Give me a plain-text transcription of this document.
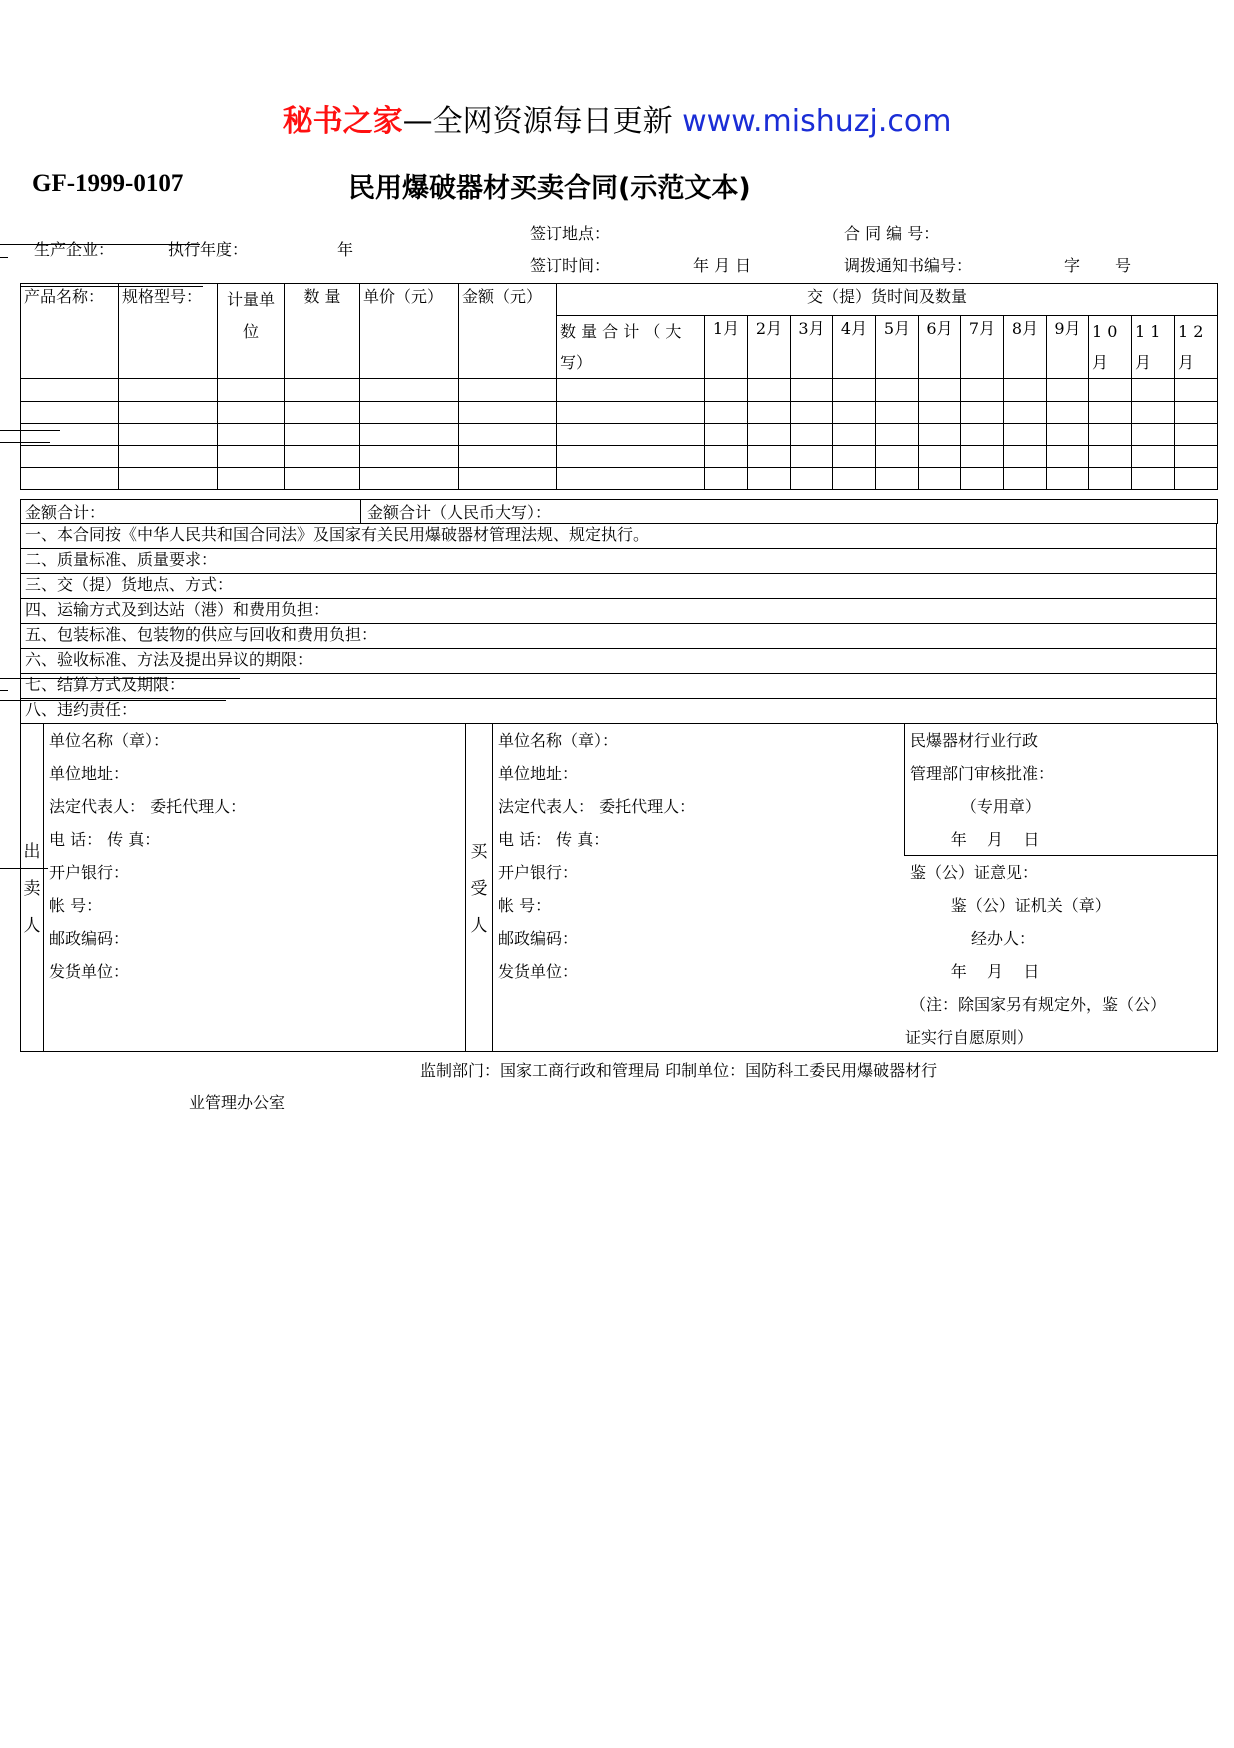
秘书之家—全网资源每日更新 www.mishuzj.com
GF-1999-0107	民用爆破器材买卖合同(示范文本)
签订地点：	合 同 编 号：
生产企业：	执行年度：	年
签订时间：	年 月 日	调拨通知书编号：	字 号
产品名称：	规格型号：	计量单位	数 量	单价（元）	金额（元）	交（提）货时间及数量												
						数 量 合 计 （ 大写）	1月	2月	3月	4月	5月	6月	7月	8月	9月	1 0月	1 1月	1 2月

金额合计：	金额合计（人民币大写）：
一、本合同按《中华人民共和国合同法》及国家有关民用爆破器材管理法规、规定执行。
二、质量标准、质量要求：
三、交（提）货地点、方式：
四、运输方式及到达站（港）和费用负担：
五、包装标准、包装物的供应与回收和费用负担：
六、验收标准、方法及提出异议的期限：
七、结算方式及期限：
八、违约责任：
出
卖
人
买
受
人
单位名称（章）：
单位地址：
法定代表人： 委托代理人：
电 话： 传 真：
开户银行：
帐 号：
邮政编码：
发货单位：
单位名称（章）：
单位地址：
法定代表人： 委托代理人：
电 话： 传 真：
开户银行：
帐 号：
邮政编码：
发货单位：
民爆器材行业行政
管理部门审核批准：
（专用章）
年    月    日
鉴（公）证意见：
鉴（公）证机关（章）
经办人：
年    月    日
（注：除国家另有规定外，鉴（公）
证实行自愿原则）
监制部门：国家工商行政和管理局 印制单位：国防科工委民用爆破器材行
业管理办公室
